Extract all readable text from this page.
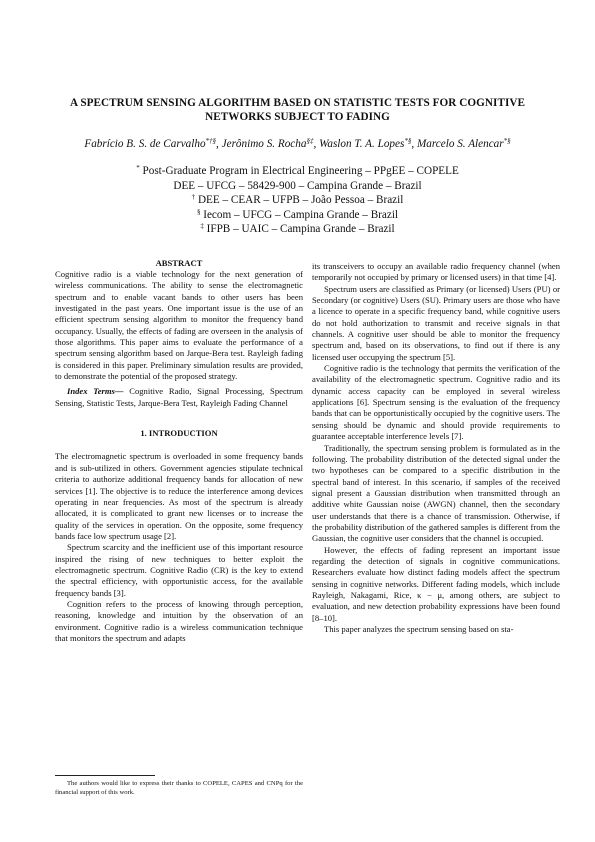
A SPECTRUM SENSING ALGORITHM BASED ON STATISTIC TESTS FOR COGNITIVE
NETWORKS SUBJECT TO FADING
Fabrício B. S. de Carvalho*†§, Jerônimo S. Rocha§‡, Waslon T. A. Lopes*§, Marcelo S. Alencar*§
* Post-Graduate Program in Electrical Engineering – PPgEE – COPELE
DEE – UFCG – 58429-900 – Campina Grande – Brazil
† DEE – CEAR – UFPB – João Pessoa – Brazil
§ Iecom – UFCG – Campina Grande – Brazil
‡ IFPB – UAIC – Campina Grande – Brazil
ABSTRACT

Cognitive radio is a viable technology for the next generation of wireless communications. The ability to sense the electromagnetic spectrum and to enable vacant bands to other users has been investigated in the past years. One important issue is the use of an efficient spectrum sensing algorithm to monitor the frequency band occupancy. Usually, the effects of fading are overseen in the analysis of those algorithms. This paper aims to evaluate the performance of a spectrum sensing algorithm based on Jarque-Bera test. Rayleigh fading is considered in this paper. Preliminary simulation results are provided, to demonstrate the potential of the proposed strategy.

Index Terms— Cognitive Radio, Signal Processing, Spectrum Sensing, Statistic Tests, Jarque-Bera Test, Rayleigh Fading Channel

1. INTRODUCTION

The electromagnetic spectrum is overloaded in some frequency bands and is sub-utilized in others. Government agencies stipulate technical criteria to authorize additional frequency bands for allocation of new services [1]. The objective is to reduce the interference among devices operating in near frequencies. As most of the spectrum is already allocated, it is complicated to grant new licenses or to increase the quality of the services in operation. On the opposite, some frequency bands face low spectrum usage [2].

Spectrum scarcity and the inefficient use of this important resource inspired the rising of new techniques to better exploit the electromagnetic spectrum. Cognitive Radio (CR) is the key to extend the spectral efficiency, with opportunistic access, for the available frequency bands [3].

Cognition refers to the process of knowing through perception, reasoning, knowledge and intuition by the observation of an environment. Cognitive radio is a wireless communication technique that monitors the spectrum and adapts

its transceivers to occupy an available radio frequency channel (when temporarily not occupied by primary or licensed users) in that time [4].

Spectrum users are classified as Primary (or licensed) Users (PU) or Secondary (or cognitive) Users (SU). Primary users are those who have a licence to operate in a specific frequency band, while cognitive users do not hold authorization to transmit and receive signals in that channels. A cognitive user should be able to monitor the frequency spectrum and, based on its observations, to find out if there is any licensed user occupying the spectrum [5].

Cognitive radio is the technology that permits the verification of the availability of the electromagnetic spectrum. Cognitive radio and its dynamic access capacity can be employed in several wireless applications [6]. Spectrum sensing is the evaluation of the frequency bands that can be opportunistically occupied by the cognitive users. The sensing should be dynamic and should provide requirements to guarantee acceptable interference levels [7].

Traditionally, the spectrum sensing problem is formulated as in the following. The probability distribution of the detected signal under the two hypotheses can be compared to a specific distribution in the spectral band of interest. In this scenario, if samples of the received signal present a Gaussian distribution when transmitted through an additive white Gaussian noise (AWGN) channel, then the secondary user understands that there is a chance of transmission. Otherwise, if the probability distribution of the gathered samples is different from the Gaussian, the cognitive user considers that the channel is occupied.

However, the effects of fading represent an important issue regarding the detection of signals in cognitive communications. Researchers evaluate how distinct fading models affect the spectrum sensing in cognitive networks. Different fading models, which include Rayleigh, Nakagami, Rice, κ − μ, among others, are subject to evaluation, and new detection probability expressions have been found [8–10].

This paper analyzes the spectrum sensing based on sta-

The authors would like to express their thanks to COPELE, CAPES and CNPq for the financial support of this work.
